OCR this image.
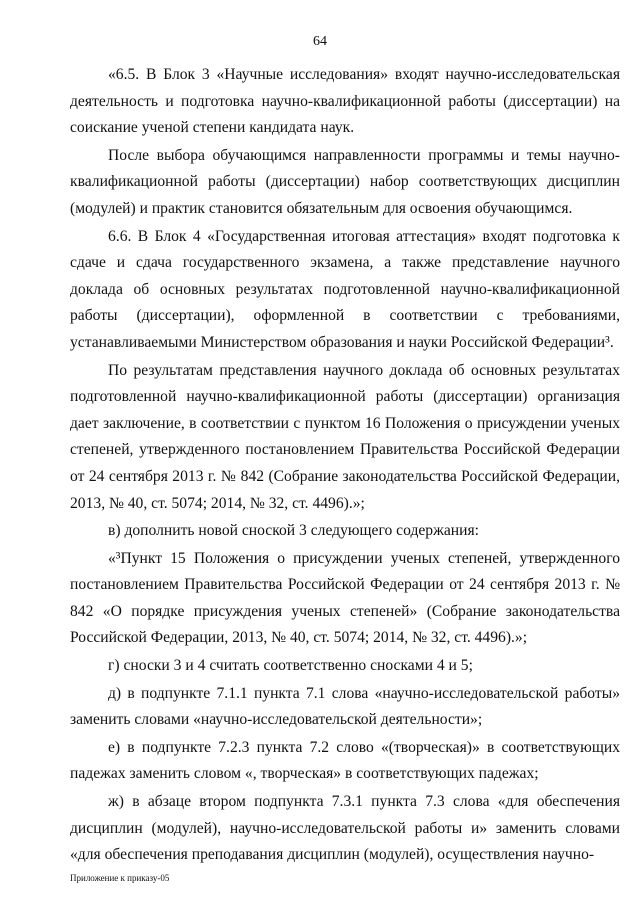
64

«6.5. В Блок 3 «Научные исследования» входят научно-исследовательская деятельность и подготовка научно-квалификационной работы (диссертации) на соискание ученой степени кандидата наук.

После выбора обучающимся направленности программы и темы научно-квалификационной работы (диссертации) набор соответствующих дисциплин (модулей) и практик становится обязательным для освоения обучающимся.

6.6. В Блок 4 «Государственная итоговая аттестация» входят подготовка к сдаче и сдача государственного экзамена, а также представление научного доклада об основных результатах подготовленной научно-квалификационной работы (диссертации), оформленной в соответствии с требованиями, устанавливаемыми Министерством образования и науки Российской Федерации³.

По результатам представления научного доклада об основных результатах подготовленной научно-квалификационной работы (диссертации) организация дает заключение, в соответствии с пунктом 16 Положения о присуждении ученых степеней, утвержденного постановлением Правительства Российской Федерации от 24 сентября 2013 г. № 842 (Собрание законодательства Российской Федерации, 2013, № 40, ст. 5074; 2014, № 32, ст. 4496).»;

в) дополнить новой сноской 3 следующего содержания:

«³Пункт 15 Положения о присуждении ученых степеней, утвержденного постановлением Правительства Российской Федерации от 24 сентября 2013 г. № 842 «О порядке присуждения ученых степеней» (Собрание законодательства Российской Федерации, 2013, № 40, ст. 5074; 2014, № 32, ст. 4496).»;

г) сноски 3 и 4 считать соответственно сносками 4 и 5;

д) в подпункте 7.1.1 пункта 7.1 слова «научно-исследовательской работы» заменить словами «научно-исследовательской деятельности»;

е) в подпункте 7.2.3 пункта 7.2 слово «(творческая)» в соответствующих падежах заменить словом «, творческая» в соответствующих падежах;

ж) в абзаце втором подпункта 7.3.1 пункта 7.3 слова «для обеспечения дисциплин (модулей), научно-исследовательской работы и» заменить словами «для обеспечения преподавания дисциплин (модулей), осуществления научно-

Приложение к приказу-05
